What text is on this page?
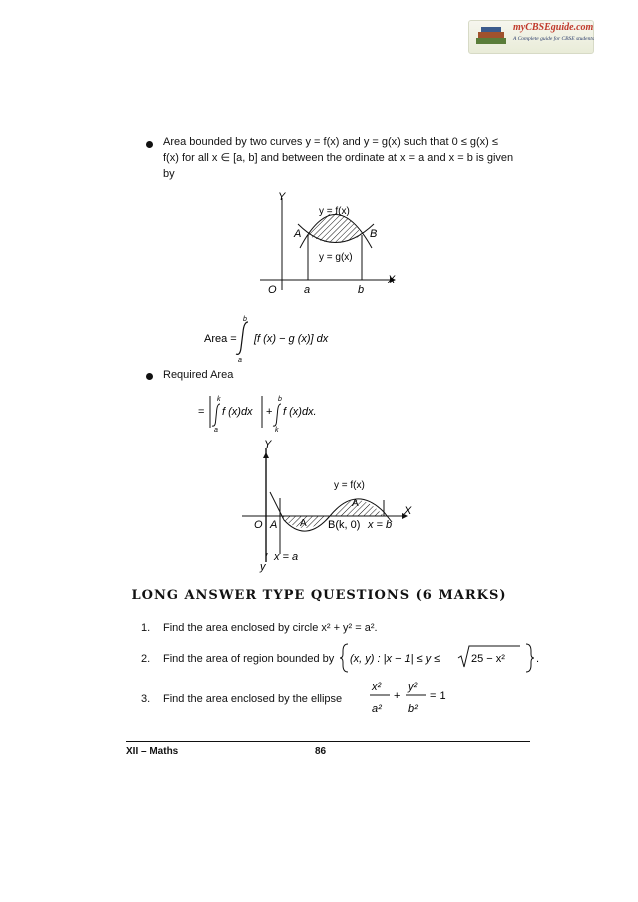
myCBSEguide.com
A Complete guide for CBSE students
Area bounded by two curves y = f(x) and y = g(x) such that 0 ≤ g(x) ≤
f(x) for all x ∈ [a, b] and between the ordinate at x = a and x = b is given
by
Y
X
O
y = f(x)
y = g(x)
A	B
a	b
Area =
b
a
[f (x) − g (x)] dx
Required Area
=
k
a
f (x)dx +
b
k
f (x)dx.
Y
X
O A A
A
y = f(x)
B(k, 0) x = b
x = a
y
′
LONG ANSWER TYPE QUESTIONS (6 MARKS)
1. Find the area enclosed by circle x² + y² = a².
2. Find the area of region bounded by (x, y) : |x − 1| ≤ y ≤	25 − x²	.
3. Find the area enclosed by the ellipse
x²
a²
+
y²
b²
= 1
XII – Maths	86
